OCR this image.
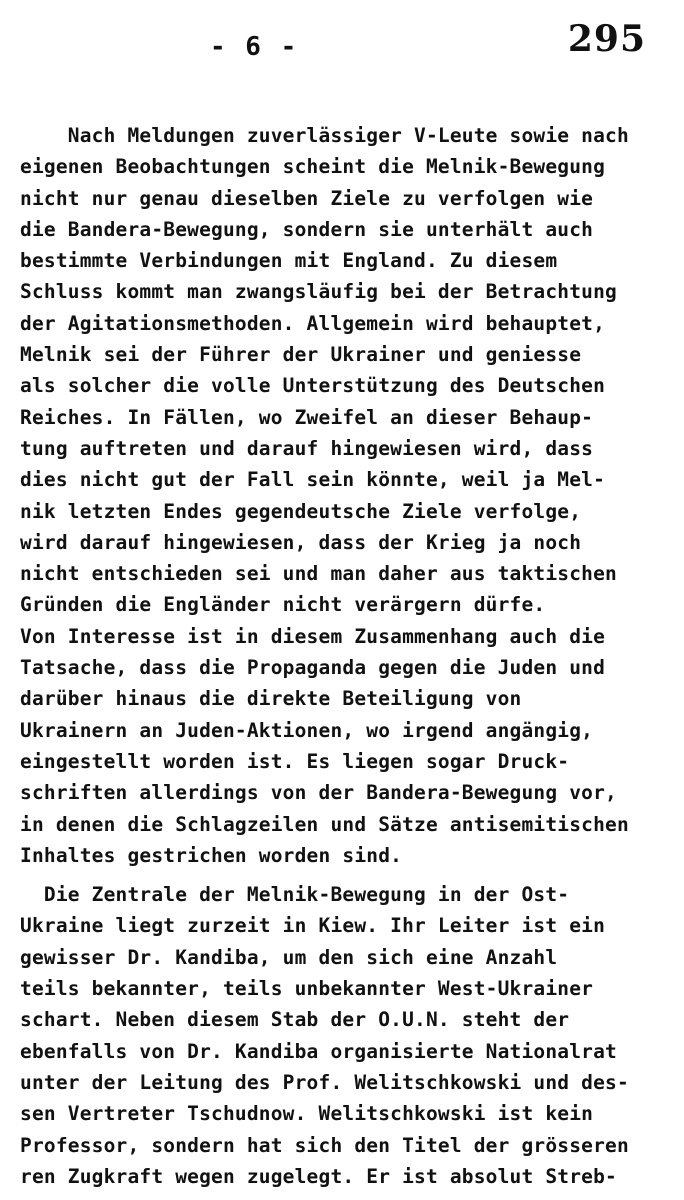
- 6 -	295
Nach Meldungen zuverlässiger V-Leute sowie nach
eigenen Beobachtungen scheint die Melnik-Bewegung
nicht nur genau dieselben Ziele zu verfolgen wie
die Bandera-Bewegung, sondern sie unterhält auch
bestimmte Verbindungen mit England. Zu diesem
Schluss kommt man zwangsläufig bei der Betrachtung
der Agitationsmethoden. Allgemein wird behauptet,
Melnik sei der Führer der Ukrainer und geniesse
als solcher die volle Unterstützung des Deutschen
Reiches. In Fällen, wo Zweifel an dieser Behaup-
tung auftreten und darauf hingewiesen wird, dass
dies nicht gut der Fall sein könnte, weil ja Mel-
nik letzten Endes gegendeutsche Ziele verfolge,
wird darauf hingewiesen, dass der Krieg ja noch
nicht entschieden sei und man daher aus taktischen
Gründen die Engländer nicht verärgern dürfe.
Von Interesse ist in diesem Zusammenhang auch die
Tatsache, dass die Propaganda gegen die Juden und
darüber hinaus die direkte Beteiligung von
Ukrainern an Juden-Aktionen, wo irgend angängig,
eingestellt worden ist. Es liegen sogar Druck-
schriften allerdings von der Bandera-Bewegung vor,
in denen die Schlagzeilen und Sätze antisemitischen
Inhaltes gestrichen worden sind.
Die Zentrale der Melnik-Bewegung in der Ost-
Ukraine liegt zurzeit in Kiew. Ihr Leiter ist ein
gewisser Dr. Kandiba, um den sich eine Anzahl
teils bekannter, teils unbekannter West-Ukrainer
schart. Neben diesem Stab der O.U.N. steht der
ebenfalls von Dr. Kandiba organisierte Nationalrat
unter der Leitung des Prof. Welitschkowski und des-
sen Vertreter Tschudnow. Welitschkowski ist kein
Professor, sondern hat sich den Titel der grösseren
ren Zugkraft wegen zugelegt. Er ist absolut Streb-
